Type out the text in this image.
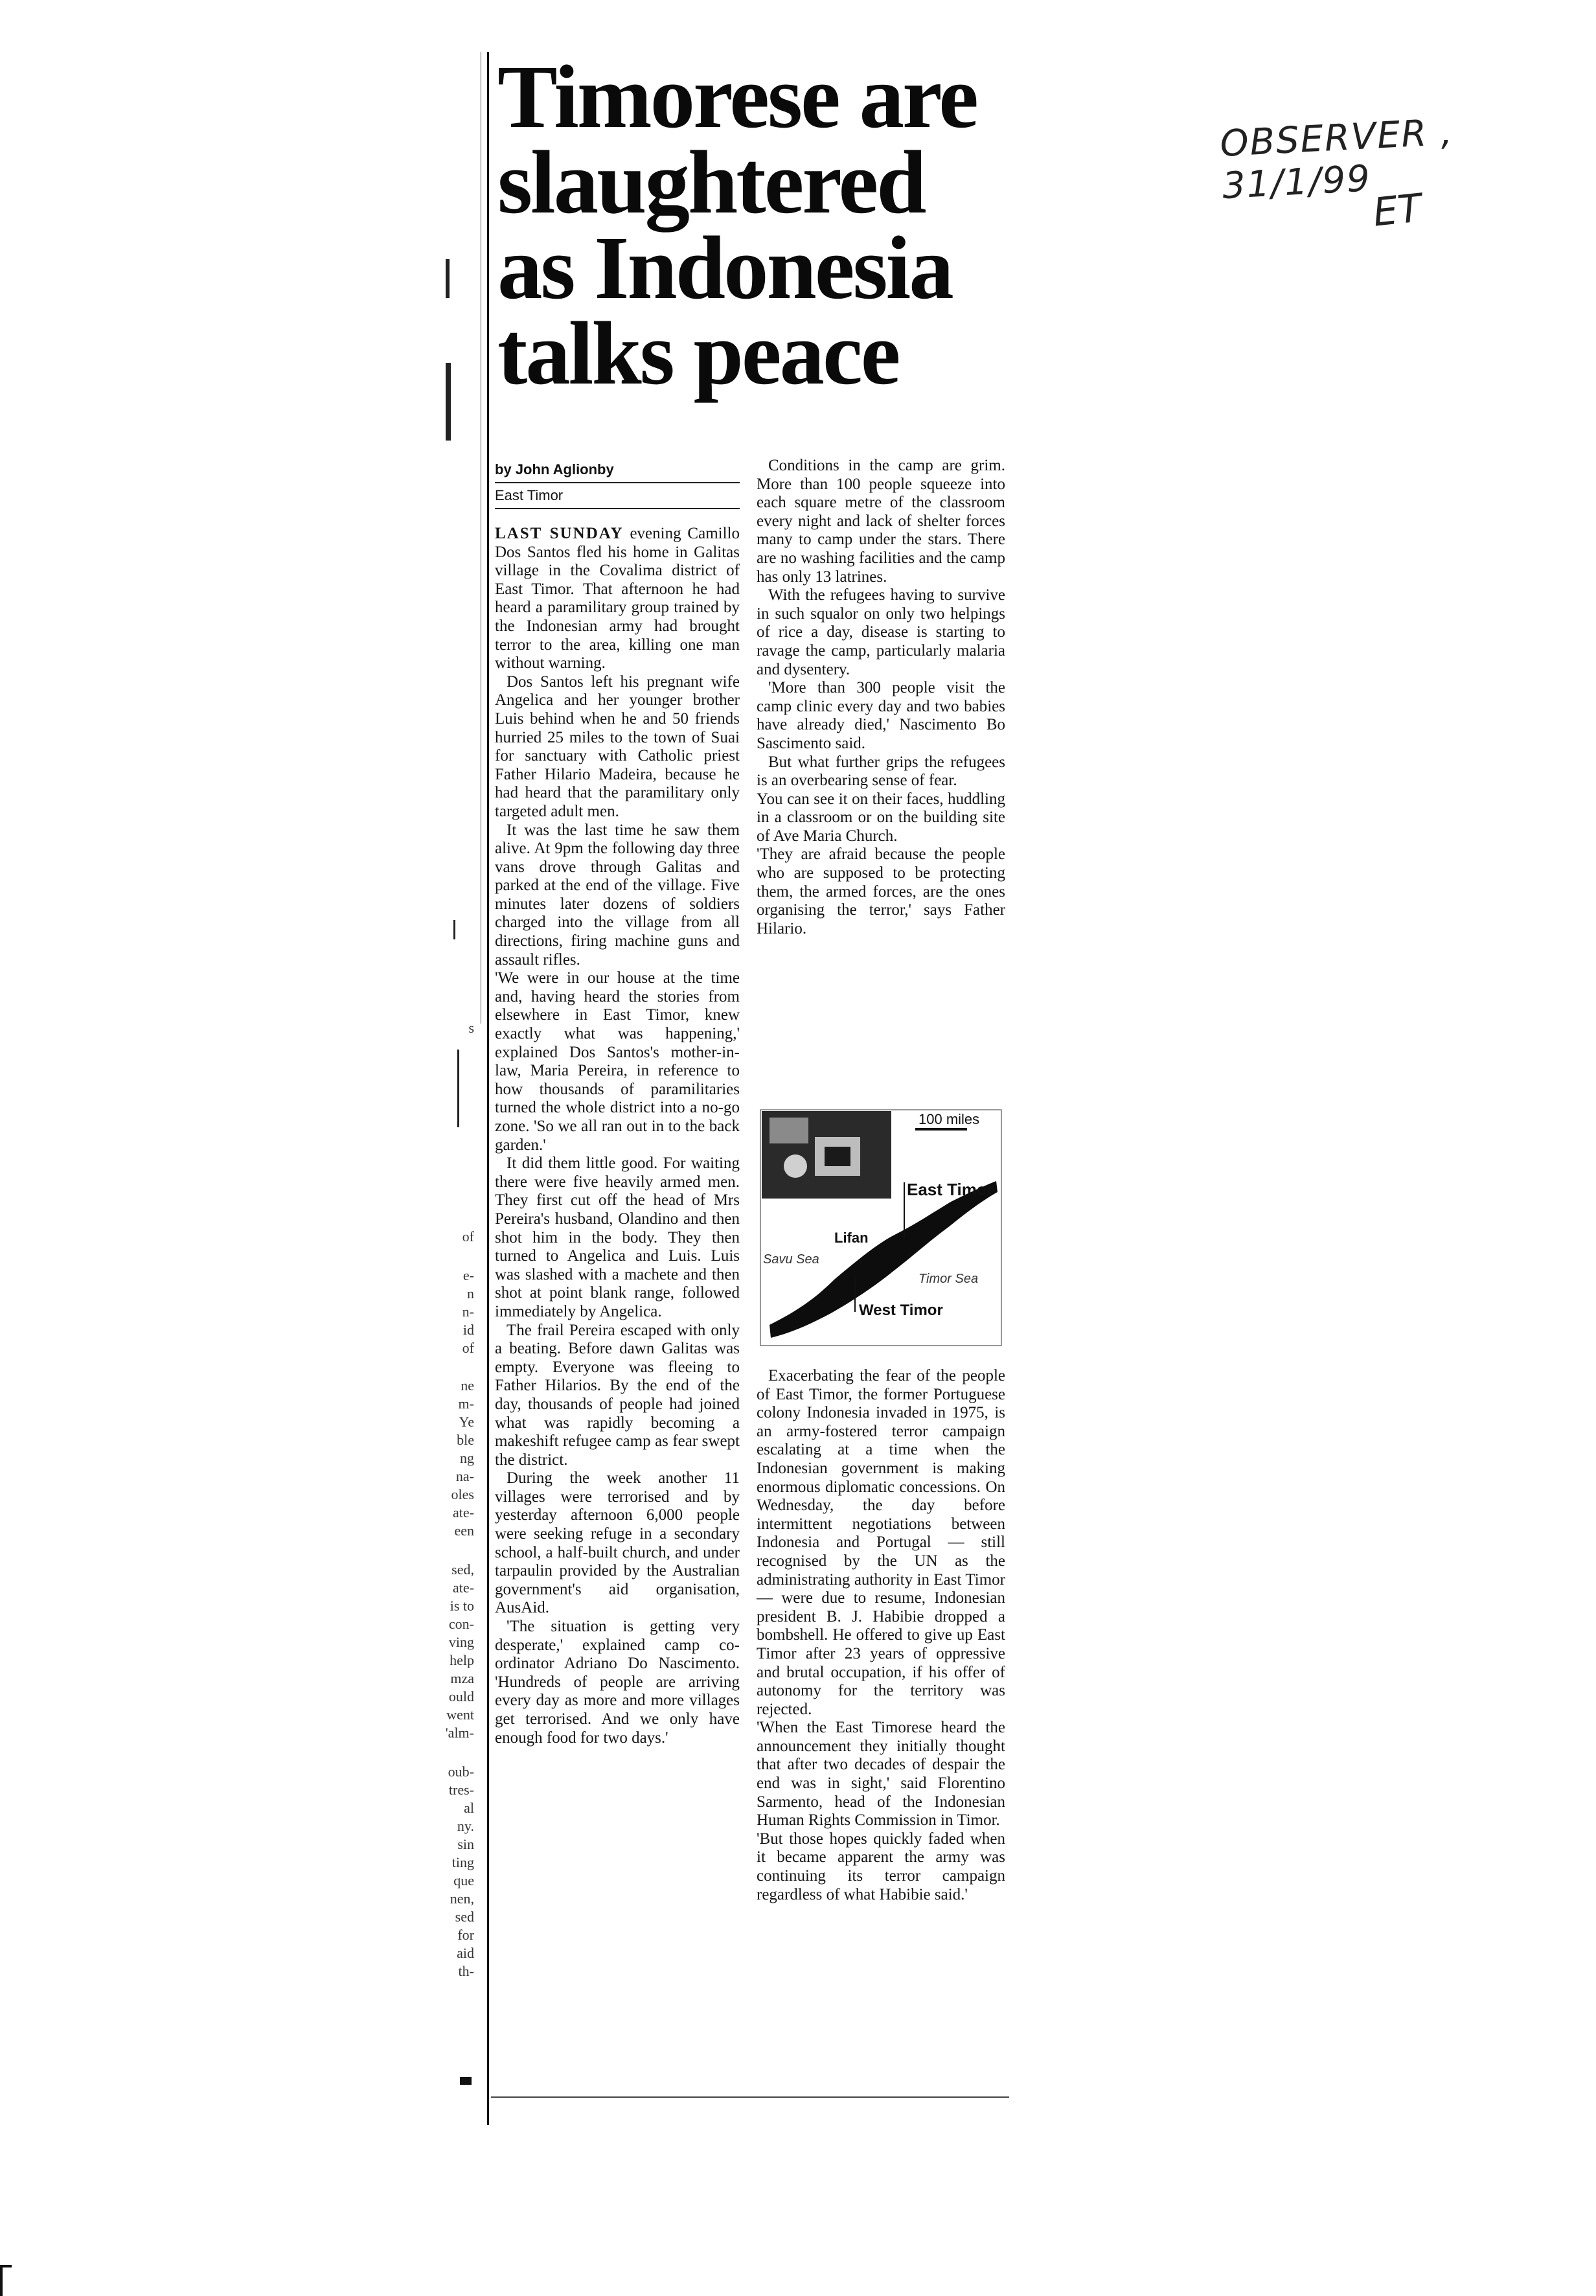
OBSERVER , 31/1/99
ET
Timorese are slaughtered as Indonesia talks peace
by John Aglionby
East Timor

LAST SUNDAY evening Camillo Dos Santos fled his home in Galitas village in the Covalima district of East Timor. That afternoon he had heard a paramilitary group trained by the Indonesian army had brought terror to the area, killing one man without warning.

Dos Santos left his pregnant wife Angelica and her younger brother Luis behind when he and 50 friends hurried 25 miles to the town of Suai for sanctuary with Catholic priest Father Hilario Madeira, because he had heard that the paramilitary only targeted adult men.

It was the last time he saw them alive. At 9pm the following day three vans drove through Galitas and parked at the end of the village. Five minutes later dozens of soldiers charged into the village from all directions, firing machine guns and assault rifles.

'We were in our house at the time and, having heard the stories from elsewhere in East Timor, knew exactly what was happening,' explained Dos Santos's mother-in-law, Maria Pereira, in reference to how thousands of paramilitaries turned the whole district into a no-go zone. 'So we all ran out in to the back garden.'

It did them little good. For waiting there were five heavily armed men. They first cut off the head of Mrs Pereira's husband, Olandino and then shot him in the body. They then turned to Angelica and Luis. Luis was slashed with a machete and then shot at point blank range, followed immediately by Angelica.

The frail Pereira escaped with only a beating. Before dawn Galitas was empty. Everyone was fleeing to Father Hilarios. By the end of the day, thousands of people had joined what was rapidly becoming a makeshift refugee camp as fear swept the district.

During the week another 11 villages were terrorised and by yesterday afternoon 6,000 people were seeking refuge in a secondary school, a half-built church, and under tarpaulin provided by the Australian government's aid organisation, AusAid.

'The situation is getting very desperate,' explained camp co-ordinator Adriano Do Nascimento. 'Hundreds of people are arriving every day as more and more villages get terrorised. And we only have enough food for two days.'

Conditions in the camp are grim. More than 100 people squeeze into each square metre of the classroom every night and lack of shelter forces many to camp under the stars. There are no washing facilities and the camp has only 13 latrines.

With the refugees having to survive in such squalor on only two helpings of rice a day, disease is starting to ravage the camp, particularly malaria and dysentery.

'More than 300 people visit the camp clinic every day and two babies have already died,' Nascimento Bo Sascimento said.

But what further grips the refugees is an overbearing sense of fear.

You can see it on their faces, huddling in a classroom or on the building site of Ave Maria Church.

'They are afraid because the people who are supposed to be protecting them, the armed forces, are the ones organising the terror,' says Father Hilario.

100 miles
East Timor
Lifan
Savu Sea
Timor Sea
West Timor

Exacerbating the fear of the people of East Timor, the former Portuguese colony Indonesia invaded in 1975, is an army-fostered terror campaign escalating at a time when the Indonesian government is making enormous diplomatic concessions. On Wednesday, the day before intermittent negotiations between Indonesia and Portugal — still recognised by the UN as the administrating authority in East Timor — were due to resume, Indonesian president B. J. Habibie dropped a bombshell. He offered to give up East Timor after 23 years of oppressive and brutal occupation, if his offer of autonomy for the territory was rejected.

'When the East Timorese heard the announcement they initially thought that after two decades of despair the end was in sight,' said Florentino Sarmento, head of the Indonesian Human Rights Commission in Timor.

'But those hopes quickly faded when it became apparent the army was continuing its terror campaign regardless of what Habibie said.'

s
of
e-
n
n-
id
of
ne
m-
Ye
ble
ng
na-
oles
ate-
een
sed,
ate-
is to
con-
ving
help
mza
ould
went
'alm-
oub-
tres-
al
ny.
sin
ting
que
nen,
sed
for
aid
th-
